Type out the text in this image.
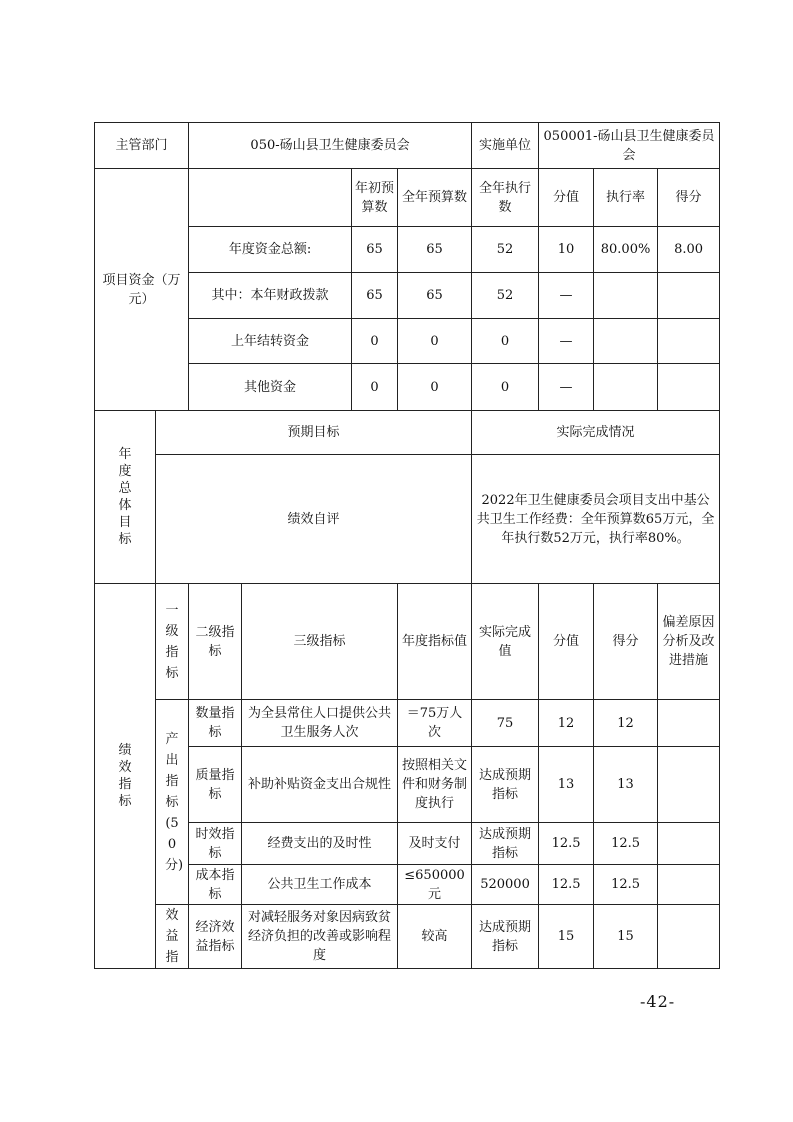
主管部门		050-砀山县卫生健康委员会				实施单位	050001-砀山县卫生健康委员会		
项目资金（万元）				年初预算数	全年预算数	全年执行数	分值	执行率	得分
		年度资金总额:		65	65	52	10	80.00%	8.00
		其中：本年财政拨款		65	65	52	—		
		上年结转资金		0	0	0	—		
		其他资金		0	0	0	—		
年度总体目标	预期目标					实际完成情况			
	绩效自评					2022年卫生健康委员会项目支出中基公共卫生工作经费：全年预算数65万元，全年执行数52万元，执行率80%。			
绩效指标	一级指标	二级指标	三级指标		年度指标值	实际完成值	分值	得分	偏差原因分析及改进措施
	产出指标(50分)	数量指标	为全县常住人口提供公共卫生服务人次		＝75万人次	75	12	12	
		质量指标	补助补贴资金支出合规性		按照相关文件和财务制度执行	达成预期指标	13	13	
		时效指标	经费支出的及时性		及时支付	达成预期指标	12.5	12.5	
		成本指标	公共卫生工作成本		≤650000元	520000	12.5	12.5	
	效益指	经济效益指标	对减轻服务对象因病致贫经济负担的改善或影响程度		较高	达成预期指标	15	15	
-42-
